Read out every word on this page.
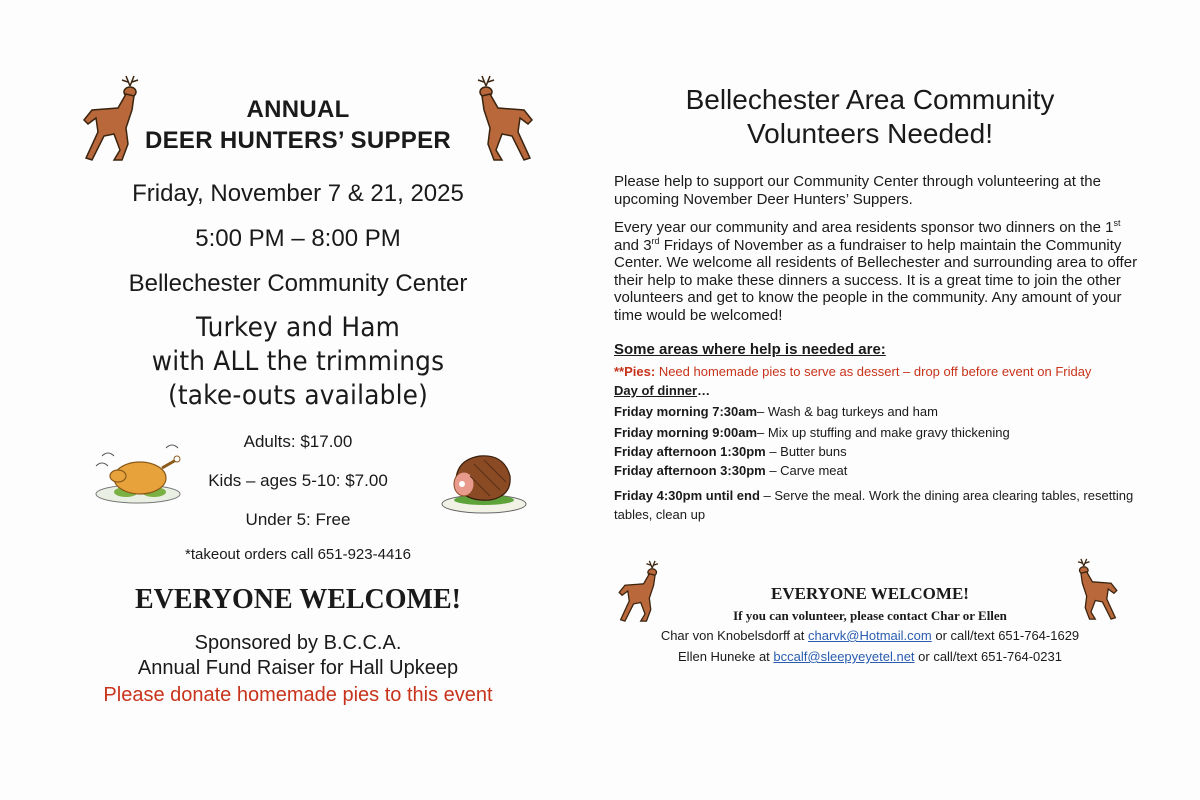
ANNUAL
DEER HUNTERS’ SUPPER
Friday, November 7 & 21, 2025
5:00 PM – 8:00 PM
Bellechester Community Center
Turkey and Ham
with ALL the trimmings
(take-outs available)
Adults: $17.00
Kids – ages 5-10: $7.00
Under 5: Free
*takeout orders call 651-923-4416
EVERYONE WELCOME!
Sponsored by B.C.C.A.
Annual Fund Raiser for Hall Upkeep
Please donate homemade pies to this event
Bellechester Area Community
Volunteers Needed!
Please help to support our Community Center through volunteering at the upcoming November Deer Hunters’ Suppers.
Every year our community and area residents sponsor two dinners on the 1st and 3rd Fridays of November as a fundraiser to help maintain the Community Center. We welcome all residents of Bellechester and surrounding area to offer their help to make these dinners a success. It is a great time to join the other volunteers and get to know the people in the community. Any amount of your time would be welcomed!
Some areas where help is needed are:
**Pies: Need homemade pies to serve as dessert – drop off before event on Friday
Day of dinner…
Friday morning 7:30am– Wash & bag turkeys and ham
Friday morning 9:00am– Mix up stuffing and make gravy thickening
Friday afternoon 1:30pm – Butter buns
Friday afternoon 3:30pm – Carve meat
Friday 4:30pm until end – Serve the meal. Work the dining area clearing tables, resetting tables, clean up
EVERYONE WELCOME!
If you can volunteer, please contact Char or Ellen
Char von Knobelsdorff at charvk@Hotmail.com or call/text 651-764-1629
Ellen Huneke at bccalf@sleepyeyetel.net or call/text 651-764-0231
